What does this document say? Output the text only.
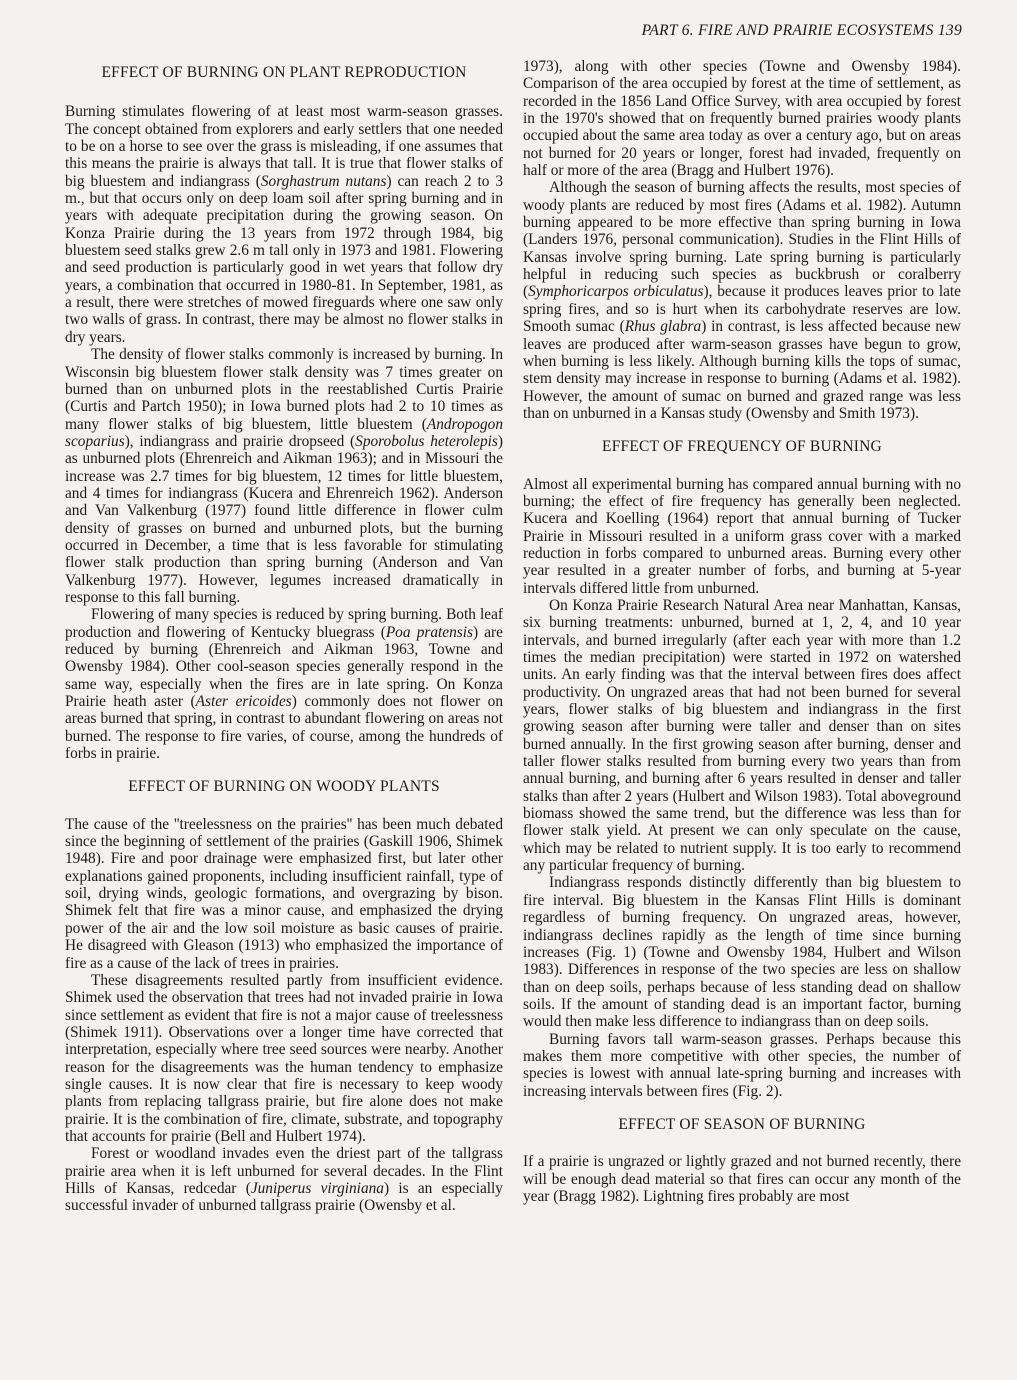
PART 6. FIRE AND PRAIRIE ECOSYSTEMS 139
EFFECT OF BURNING ON PLANT REPRODUCTION

Burning stimulates flowering of at least most warm-season grasses. The concept obtained from explorers and early settlers that one needed to be on a horse to see over the grass is misleading, if one assumes that this means the prairie is always that tall. It is true that flower stalks of big bluestem and indiangrass (Sorghastrum nutans) can reach 2 to 3 m., but that occurs only on deep loam soil after spring burning and in years with adequate precipitation during the growing season. On Konza Prairie during the 13 years from 1972 through 1984, big bluestem seed stalks grew 2.6 m tall only in 1973 and 1981. Flowering and seed production is particularly good in wet years that follow dry years, a combination that occurred in 1980-81. In September, 1981, as a result, there were stretches of mowed fireguards where one saw only two walls of grass. In contrast, there may be almost no flower stalks in dry years.

The density of flower stalks commonly is increased by burning. In Wisconsin big bluestem flower stalk density was 7 times greater on burned than on unburned plots in the reestablished Curtis Prairie (Curtis and Partch 1950); in Iowa burned plots had 2 to 10 times as many flower stalks of big bluestem, little bluestem (Andropogon scoparius), indiangrass and prairie dropseed (Sporobolus heterolepis) as unburned plots (Ehrenreich and Aikman 1963); and in Missouri the increase was 2.7 times for big bluestem, 12 times for little bluestem, and 4 times for indiangrass (Kucera and Ehrenreich 1962). Anderson and Van Valkenburg (1977) found little difference in flower culm density of grasses on burned and unburned plots, but the burning occurred in December, a time that is less favorable for stimulating flower stalk production than spring burning (Anderson and Van Valkenburg 1977). However, legumes increased dramatically in response to this fall burning.

Flowering of many species is reduced by spring burning. Both leaf production and flowering of Kentucky bluegrass (Poa pratensis) are reduced by burning (Ehrenreich and Aikman 1963, Towne and Owensby 1984). Other cool-season species generally respond in the same way, especially when the fires are in late spring. On Konza Prairie heath aster (Aster ericoides) commonly does not flower on areas burned that spring, in contrast to abundant flowering on areas not burned. The response to fire varies, of course, among the hundreds of forbs in prairie.

EFFECT OF BURNING ON WOODY PLANTS

The cause of the ''treelessness on the prairies'' has been much debated since the beginning of settlement of the prairies (Gaskill 1906, Shimek 1948). Fire and poor drainage were emphasized first, but later other explanations gained proponents, including insufficient rainfall, type of soil, drying winds, geologic formations, and overgrazing by bison. Shimek felt that fire was a minor cause, and emphasized the drying power of the air and the low soil moisture as basic causes of prairie. He disagreed with Gleason (1913) who emphasized the importance of fire as a cause of the lack of trees in prairies.

These disagreements resulted partly from insufficient evidence. Shimek used the observation that trees had not invaded prairie in Iowa since settlement as evident that fire is not a major cause of treelessness (Shimek 1911). Observations over a longer time have corrected that interpretation, especially where tree seed sources were nearby. Another reason for the disagreements was the human tendency to emphasize single causes. It is now clear that fire is necessary to keep woody plants from replacing tallgrass prairie, but fire alone does not make prairie. It is the combination of fire, climate, substrate, and topography that accounts for prairie (Bell and Hulbert 1974).

Forest or woodland invades even the driest part of the tallgrass prairie area when it is left unburned for several decades. In the Flint Hills of Kansas, redcedar (Juniperus virginiana) is an especially successful invader of unburned tallgrass prairie (Owensby et al.

1973), along with other species (Towne and Owensby 1984). Comparison of the area occupied by forest at the time of settlement, as recorded in the 1856 Land Office Survey, with area occupied by forest in the 1970's showed that on frequently burned prairies woody plants occupied about the same area today as over a century ago, but on areas not burned for 20 years or longer, forest had invaded, frequently on half or more of the area (Bragg and Hulbert 1976).

Although the season of burning affects the results, most species of woody plants are reduced by most fires (Adams et al. 1982). Autumn burning appeared to be more effective than spring burning in Iowa (Landers 1976, personal communication). Studies in the Flint Hills of Kansas involve spring burning. Late spring burning is particularly helpful in reducing such species as buckbrush or coralberry (Symphoricarpos orbiculatus), because it produces leaves prior to late spring fires, and so is hurt when its carbohydrate reserves are low. Smooth sumac (Rhus glabra) in contrast, is less affected because new leaves are produced after warm-season grasses have begun to grow, when burning is less likely. Although burning kills the tops of sumac, stem density may increase in response to burning (Adams et al. 1982). However, the amount of sumac on burned and grazed range was less than on unburned in a Kansas study (Owensby and Smith 1973).

EFFECT OF FREQUENCY OF BURNING

Almost all experimental burning has compared annual burning with no burning; the effect of fire frequency has generally been neglected. Kucera and Koelling (1964) report that annual burning of Tucker Prairie in Missouri resulted in a uniform grass cover with a marked reduction in forbs compared to unburned areas. Burning every other year resulted in a greater number of forbs, and burning at 5-year intervals differed little from unburned.

On Konza Prairie Research Natural Area near Manhattan, Kansas, six burning treatments: unburned, burned at 1, 2, 4, and 10 year intervals, and burned irregularly (after each year with more than 1.2 times the median precipitation) were started in 1972 on watershed units. An early finding was that the interval between fires does affect productivity. On ungrazed areas that had not been burned for several years, flower stalks of big bluestem and indiangrass in the first growing season after burning were taller and denser than on sites burned annually. In the first growing season after burning, denser and taller flower stalks resulted from burning every two years than from annual burning, and burning after 6 years resulted in denser and taller stalks than after 2 years (Hulbert and Wilson 1983). Total aboveground biomass showed the same trend, but the difference was less than for flower stalk yield. At present we can only speculate on the cause, which may be related to nutrient supply. It is too early to recommend any particular frequency of burning.

Indiangrass responds distinctly differently than big bluestem to fire interval. Big bluestem in the Kansas Flint Hills is dominant regardless of burning frequency. On ungrazed areas, however, indiangrass declines rapidly as the length of time since burning increases (Fig. 1) (Towne and Owensby 1984, Hulbert and Wilson 1983). Differences in response of the two species are less on shallow than on deep soils, perhaps because of less standing dead on shallow soils. If the amount of standing dead is an important factor, burning would then make less difference to indiangrass than on deep soils.

Burning favors tall warm-season grasses. Perhaps because this makes them more competitive with other species, the number of species is lowest with annual late-spring burning and increases with increasing intervals between fires (Fig. 2).

EFFECT OF SEASON OF BURNING

If a prairie is ungrazed or lightly grazed and not burned recently, there will be enough dead material so that fires can occur any month of the year (Bragg 1982). Lightning fires probably are most
